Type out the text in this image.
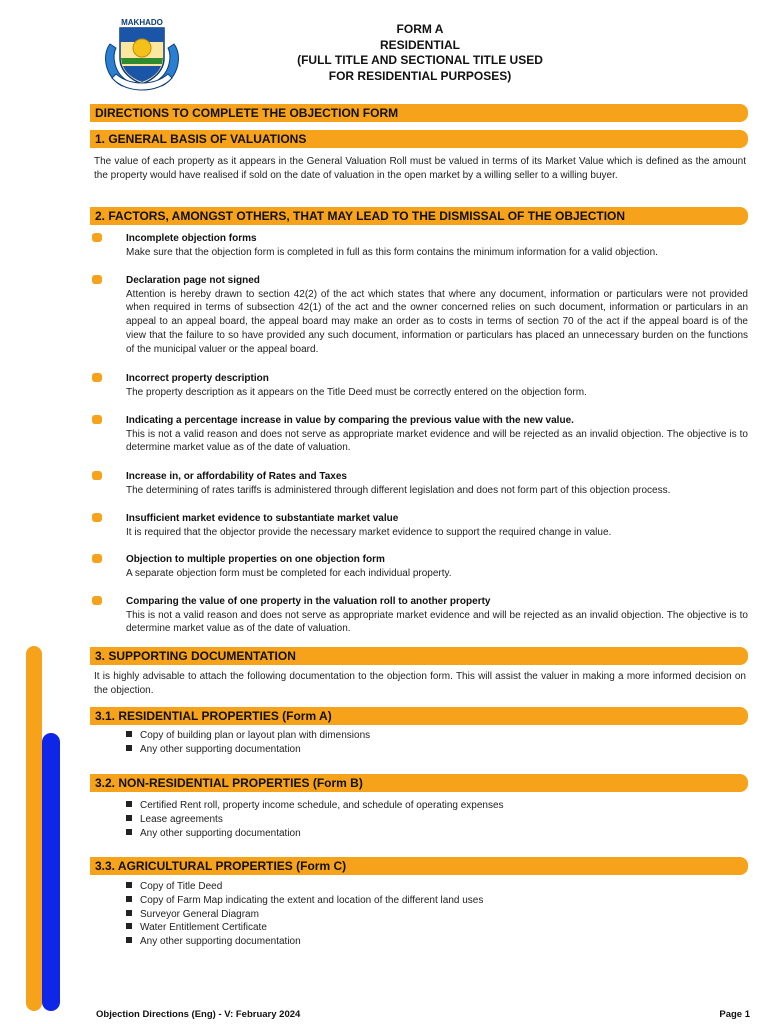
MAKHADO	FORM A
RESIDENTIAL
(FULL TITLE AND SECTIONAL TITLE USED
FOR RESIDENTIAL PURPOSES)
DIRECTIONS TO COMPLETE THE OBJECTION FORM
1. GENERAL BASIS OF VALUATIONS
The value of each property as it appears in the General Valuation Roll must be valued in terms of its Market Value which is defined as the amount the property would have realised if sold on the date of valuation in the open market by a willing seller to a willing buyer.
2. FACTORS, AMONGST OTHERS, THAT MAY LEAD TO THE DISMISSAL OF THE OBJECTION
Incomplete objection forms
Make sure that the objection form is completed in full as this form contains the minimum information for a valid objection.
Declaration page not signed
Attention is hereby drawn to section 42(2) of the act which states that where any document, information or particulars were not provided when required in terms of subsection 42(1) of the act and the owner concerned relies on such document, information or particulars in an appeal to an appeal board, the appeal board may make an order as to costs in terms of section 70 of the act if the appeal board is of the view that the failure to so have provided any such document, information or particulars has placed an unnecessary burden on the functions of the municipal valuer or the appeal board.
Incorrect property description
The property description as it appears on the Title Deed must be correctly entered on the objection form.
Indicating a percentage increase in value by comparing the previous value with the new value.
This is not a valid reason and does not serve as appropriate market evidence and will be rejected as an invalid objection. The objective is to determine market value as of the date of valuation.
Increase in, or affordability of Rates and Taxes
The determining of rates tariffs is administered through different legislation and does not form part of this objection process.
Insufficient market evidence to substantiate market value
It is required that the objector provide the necessary market evidence to support the required change in value.
Objection to multiple properties on one objection form
A separate objection form must be completed for each individual property.
Comparing the value of one property in the valuation roll to another property
This is not a valid reason and does not serve as appropriate market evidence and will be rejected as an invalid objection. The objective is to determine market value as of the date of valuation.
3. SUPPORTING DOCUMENTATION
It is highly advisable to attach the following documentation to the objection form. This will assist the valuer in making a more informed decision on the objection.
3.1. RESIDENTIAL PROPERTIES (Form A)
Copy of building plan or layout plan with dimensions
Any other supporting documentation
3.2. NON-RESIDENTIAL PROPERTIES (Form B)
Certified Rent roll, property income schedule, and schedule of operating expenses
Lease agreements
Any other supporting documentation
3.3. AGRICULTURAL PROPERTIES (Form C)
Copy of Title Deed
Copy of Farm Map indicating the extent and location of the different land uses
Surveyor General Diagram
Water Entitlement Certificate
Any other supporting documentation
Objection Directions (Eng) - V: February 2024	Page 1
